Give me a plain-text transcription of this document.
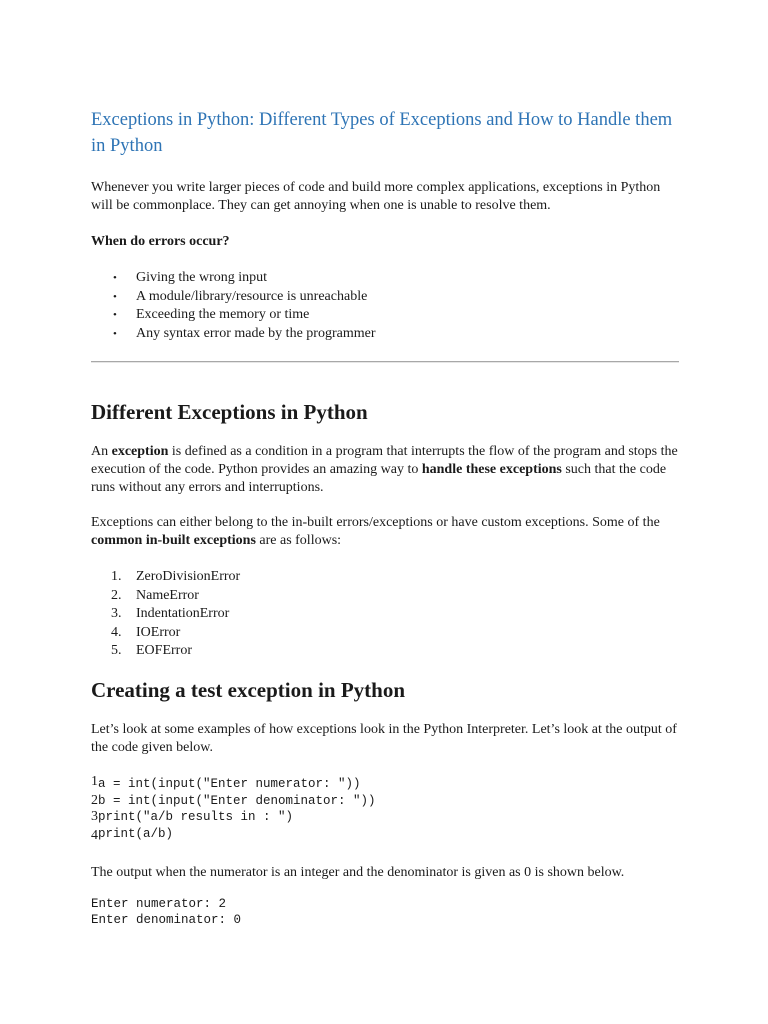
Exceptions in Python: Different Types of Exceptions and How to Handle them in Python

Whenever you write larger pieces of code and build more complex applications, exceptions in Python will be commonplace. They can get annoying when one is unable to resolve them.

When do errors occur?

• Giving the wrong input
• A module/library/resource is unreachable
• Exceeding the memory or time
• Any syntax error made by the programmer
Different Exceptions in Python

An exception is defined as a condition in a program that interrupts the flow of the program and stops the execution of the code. Python provides an amazing way to handle these exceptions such that the code runs without any errors and interruptions.

Exceptions can either belong to the in-built errors/exceptions or have custom exceptions. Some of the common in-built exceptions are as follows:

1. ZeroDivisionError
2. NameError
3. IndentationError
4. IOError
5. EOFError
Creating a test exception in Python

Let’s look at some examples of how exceptions look in the Python Interpreter. Let’s look at the output of the code given below.

1a = int(input("Enter numerator: "))
2b = int(input("Enter denominator: "))
3print("a/b results in : ")
4print(a/b)

The output when the numerator is an integer and the denominator is given as 0 is shown below.

Enter numerator: 2
Enter denominator: 0
